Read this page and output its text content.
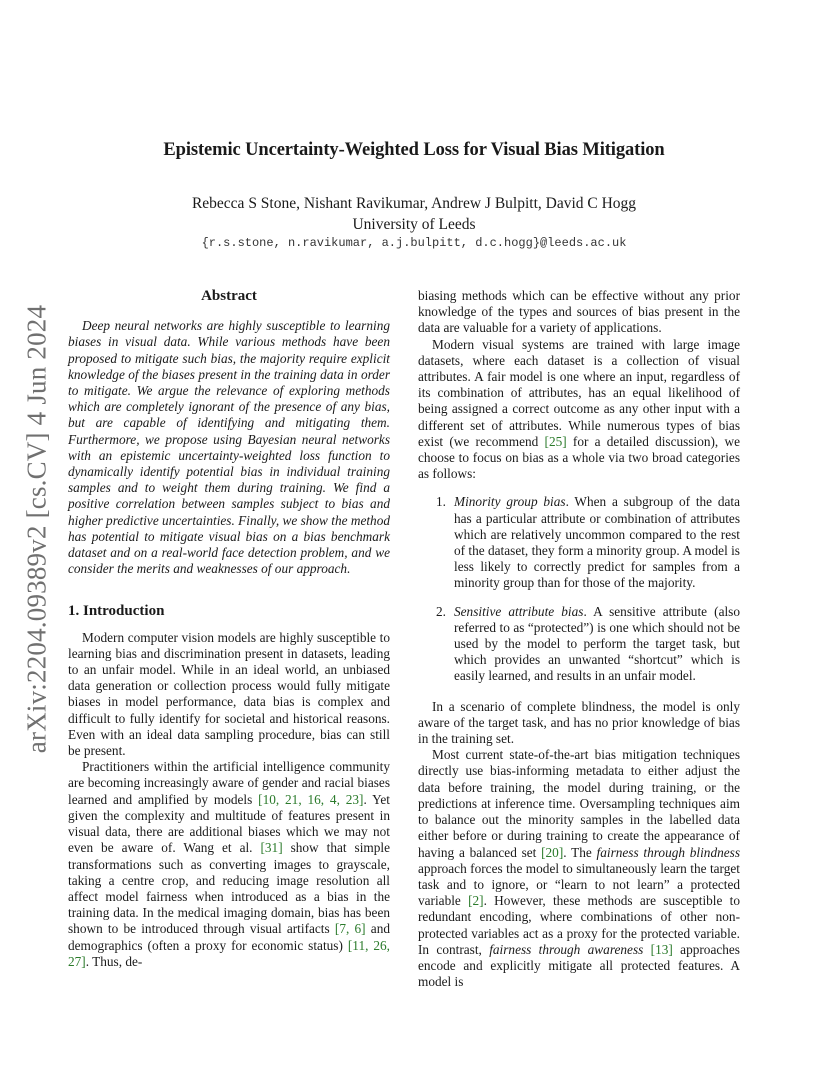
arXiv:2204.09389v2 [cs.CV] 4 Jun 2024
Epistemic Uncertainty-Weighted Loss for Visual Bias Mitigation
Rebecca S Stone, Nishant Ravikumar, Andrew J Bulpitt, David C Hogg
University of Leeds
{r.s.stone, n.ravikumar, a.j.bulpitt, d.c.hogg}@leeds.ac.uk
Abstract

Deep neural networks are highly susceptible to learning biases in visual data. While various methods have been proposed to mitigate such bias, the majority require explicit knowledge of the biases present in the training data in order to mitigate. We argue the relevance of exploring methods which are completely ignorant of the presence of any bias, but are capable of identifying and mitigating them. Furthermore, we propose using Bayesian neural networks with an epistemic uncertainty-weighted loss function to dynamically identify potential bias in individual training samples and to weight them during training. We find a positive correlation between samples subject to bias and higher predictive uncertainties. Finally, we show the method has potential to mitigate visual bias on a bias benchmark dataset and on a real-world face detection problem, and we consider the merits and weaknesses of our approach.

1. Introduction

Modern computer vision models are highly susceptible to learning bias and discrimination present in datasets, leading to an unfair model. While in an ideal world, an unbiased data generation or collection process would fully mitigate biases in model performance, data bias is complex and difficult to fully identify for societal and historical reasons. Even with an ideal data sampling procedure, bias can still be present.

Practitioners within the artificial intelligence community are becoming increasingly aware of gender and racial biases learned and amplified by models [10, 21, 16, 4, 23]. Yet given the complexity and multitude of features present in visual data, there are additional biases which we may not even be aware of. Wang et al. [31] show that simple transformations such as converting images to grayscale, taking a centre crop, and reducing image resolution all affect model fairness when introduced as a bias in the training data. In the medical imaging domain, bias has been shown to be introduced through visual artifacts [7, 6] and demographics (often a proxy for economic status) [11, 26, 27]. Thus, de-

biasing methods which can be effective without any prior knowledge of the types and sources of bias present in the data are valuable for a variety of applications.

Modern visual systems are trained with large image datasets, where each dataset is a collection of visual attributes. A fair model is one where an input, regardless of its combination of attributes, has an equal likelihood of being assigned a correct outcome as any other input with a different set of attributes. While numerous types of bias exist (we recommend [25] for a detailed discussion), we choose to focus on bias as a whole via two broad categories as follows:

1. Minority group bias. When a subgroup of the data has a particular attribute or combination of attributes which are relatively uncommon compared to the rest of the dataset, they form a minority group. A model is less likely to correctly predict for samples from a minority group than for those of the majority.
2. Sensitive attribute bias. A sensitive attribute (also referred to as “protected”) is one which should not be used by the model to perform the target task, but which provides an unwanted “shortcut” which is easily learned, and results in an unfair model.

In a scenario of complete blindness, the model is only aware of the target task, and has no prior knowledge of bias in the training set.

Most current state-of-the-art bias mitigation techniques directly use bias-informing metadata to either adjust the data before training, the model during training, or the predictions at inference time. Oversampling techniques aim to balance out the minority samples in the labelled data either before or during training to create the appearance of having a balanced set [20]. The fairness through blindness approach forces the model to simultaneously learn the target task and to ignore, or “learn to not learn” a protected variable [2]. However, these methods are susceptible to redundant encoding, where combinations of other non-protected variables act as a proxy for the protected variable. In contrast, fairness through awareness [13] approaches encode and explicitly mitigate all protected features. A model is
